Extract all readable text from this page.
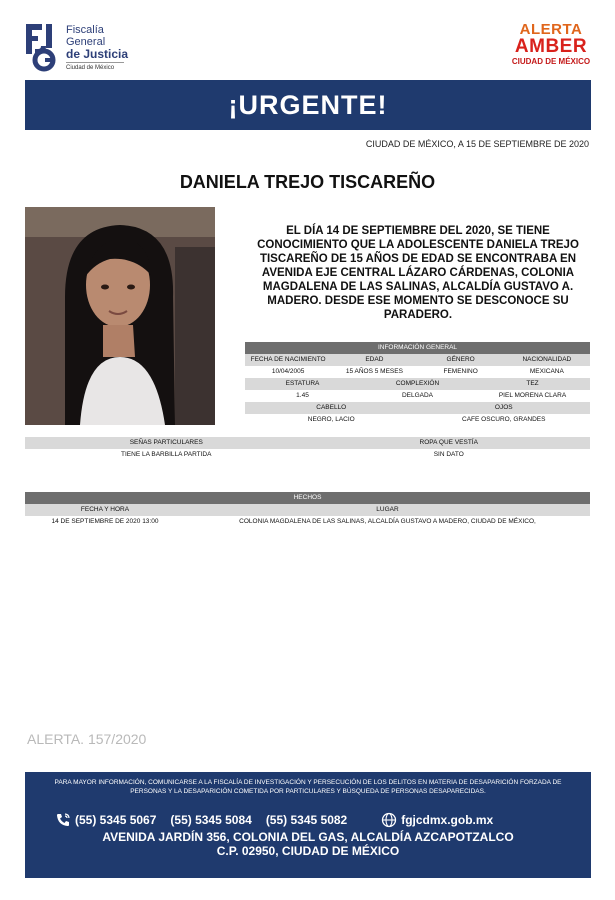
Fiscalía
General
de Justicia
Ciudad de México
ALERTA
AMBER
CIUDAD DE MÉXICO
¡URGENTE!
CIUDAD DE MÉXICO, A 15 DE SEPTIEMBRE DE 2020
DANIELA TREJO TISCAREÑO
EL DÍA 14 DE SEPTIEMBRE DEL 2020, SE TIENE CONOCIMIENTO QUE LA ADOLESCENTE DANIELA TREJO TISCAREÑO DE 15 AÑOS DE EDAD SE ENCONTRABA EN AVENIDA EJE CENTRAL LÁZARO CÁRDENAS, COLONIA MAGDALENA DE LAS SALINAS, ALCALDÍA GUSTAVO A. MADERO. DESDE ESE MOMENTO SE DESCONOCE SU PARADERO.
INFORMACIÓN GENERAL
FECHA DE NACIMIENTO	EDAD	GÉNERO	NACIONALIDAD
10/04/2005	15 AÑOS 5 MESES	FEMENINO	MEXICANA
ESTATURA	COMPLEXIÓN	TEZ
1.45	DELGADA	PIEL MORENA CLARA
CABELLO	OJOS
NEGRO, LACIO	CAFE OSCURO, GRANDES
SEÑAS PARTICULARES	ROPA QUE VESTÍA
TIENE LA BARBILLA PARTIDA	SIN DATO
HECHOS
FECHA Y HORA	LUGAR
14 DE SEPTIEMBRE DE 2020 13:00	COLONIA MAGDALENA DE LAS SALINAS, ALCALDÍA GUSTAVO A MADERO, CIUDAD DE MÉXICO,
ALERTA. 157/2020
PARA MAYOR INFORMACIÓN, COMUNICARSE A LA FISCALÍA DE INVESTIGACIÓN Y PERSECUCIÓN DE LOS DELITOS EN MATERIA DE DESAPARICIÓN FORZADA DE PERSONAS Y LA DESAPARICIÓN COMETIDA POR PARTICULARES Y BÚSQUEDA DE PERSONAS DESAPARECIDAS.
(55) 5345 5067 (55) 5345 5084 (55) 5345 5082	fgjcdmx.gob.mx
AVENIDA JARDÍN 356, COLONIA DEL GAS, ALCALDÍA AZCAPOTZALCO
C.P. 02950, CIUDAD DE MÉXICO
